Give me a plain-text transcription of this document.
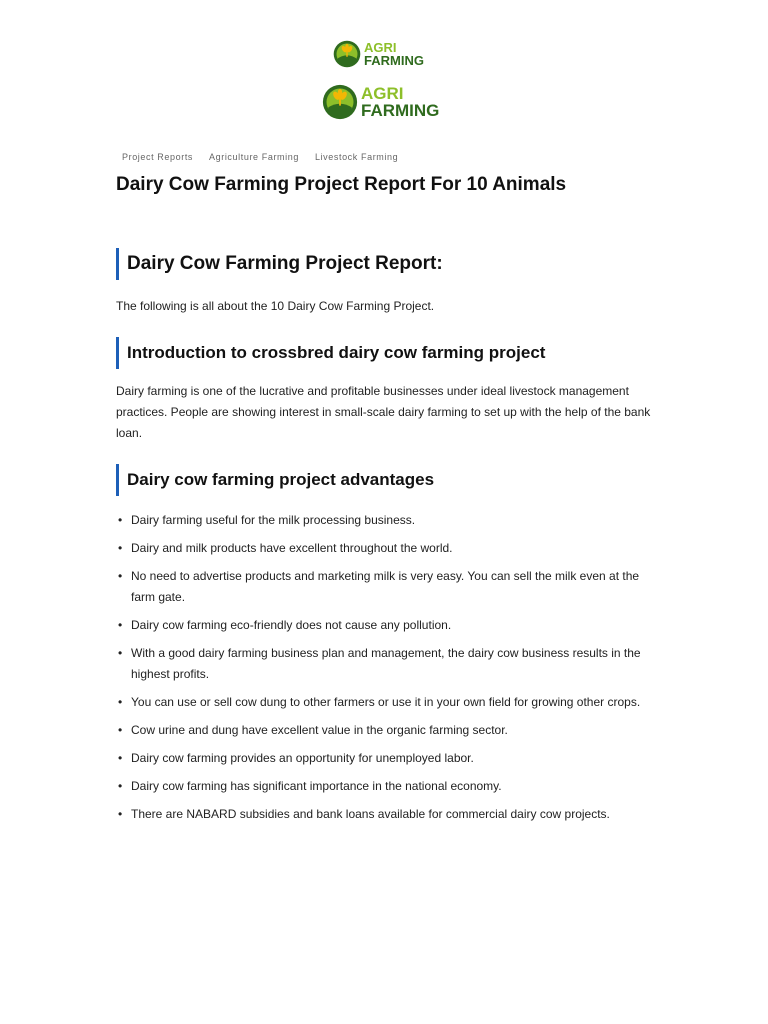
AGRI
FARMING
AGRI
FARMING
Project Reports Agriculture Farming Livestock Farming
Dairy Cow Farming Project Report For 10 Animals
Dairy Cow Farming Project Report:

The following is all about the 10 Dairy Cow Farming Project.

Introduction to crossbred dairy cow farming project

Dairy farming is one of the lucrative and profitable businesses under ideal livestock management practices. People are showing interest in small-scale dairy farming to set up with the help of the bank loan.

Dairy cow farming project advantages
• Dairy farming useful for the milk processing business.
• Dairy and milk products have excellent throughout the world.
• No need to advertise products and marketing milk is very easy. You can sell the milk even at the farm gate.
• Dairy cow farming eco-friendly does not cause any pollution.
• With a good dairy farming business plan and management, the dairy cow business results in the highest profits.
• You can use or sell cow dung to other farmers or use it in your own field for growing other crops.
• Cow urine and dung have excellent value in the organic farming sector.
• Dairy cow farming provides an opportunity for unemployed labor.
• Dairy cow farming has significant importance in the national economy.
• There are NABARD subsidies and bank loans available for commercial dairy cow projects.
